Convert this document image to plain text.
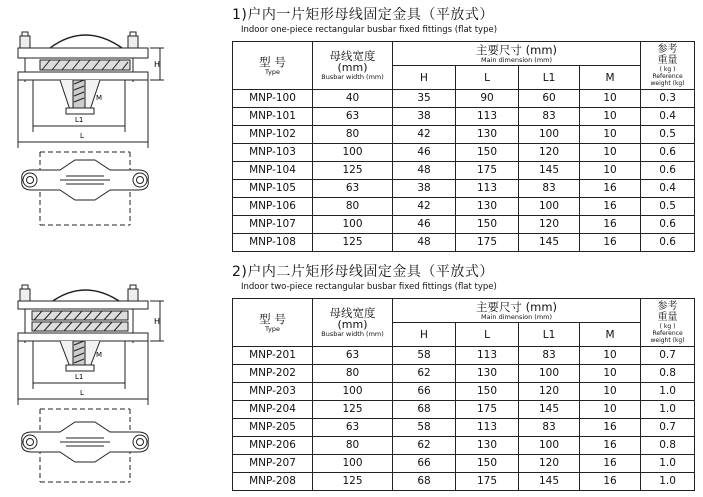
H
M
L1
L
1)户内一片矩形母线固定金具（平放式）
Indoor one-piece rectangular busbar fixed fittings (flat type)
型 号
Type	母线宽度
(mm)
Busbar width (mm)	主要尺寸 (mm)
Main dimension (mm)				参考
重量
( kg )
Reference
weight (kg)

		H	L	L1	M	
MNP-100	40	35	90	60	10	0.3
MNP-101	63	38	113	83	10	0.4
MNP-102	80	42	130	100	10	0.5
MNP-103	100	46	150	120	10	0.6
MNP-104	125	48	175	145	10	0.6
MNP-105	63	38	113	83	16	0.4
MNP-106	80	42	130	100	16	0.5
MNP-107	100	46	150	120	16	0.6
MNP-108	125	48	175	145	16	0.6
H
M
L1
L
2)户内二片矩形母线固定金具（平放式）
Indoor two-piece rectangular busbar fixed fittings (flat type)
型 号
Type	母线宽度
(mm)
Busbar width (mm)	主要尺寸 (mm)
Main dimension (mm)				参考
重量
( kg )
Reference
weight (kg)

		H	L	L1	M	
MNP-201	63	58	113	83	10	0.7
MNP-202	80	62	130	100	10	0.8
MNP-203	100	66	150	120	10	1.0
MNP-204	125	68	175	145	10	1.0
MNP-205	63	58	113	83	16	0.7
MNP-206	80	62	130	100	16	0.8
MNP-207	100	66	150	120	16	1.0
MNP-208	125	68	175	145	16	1.0
